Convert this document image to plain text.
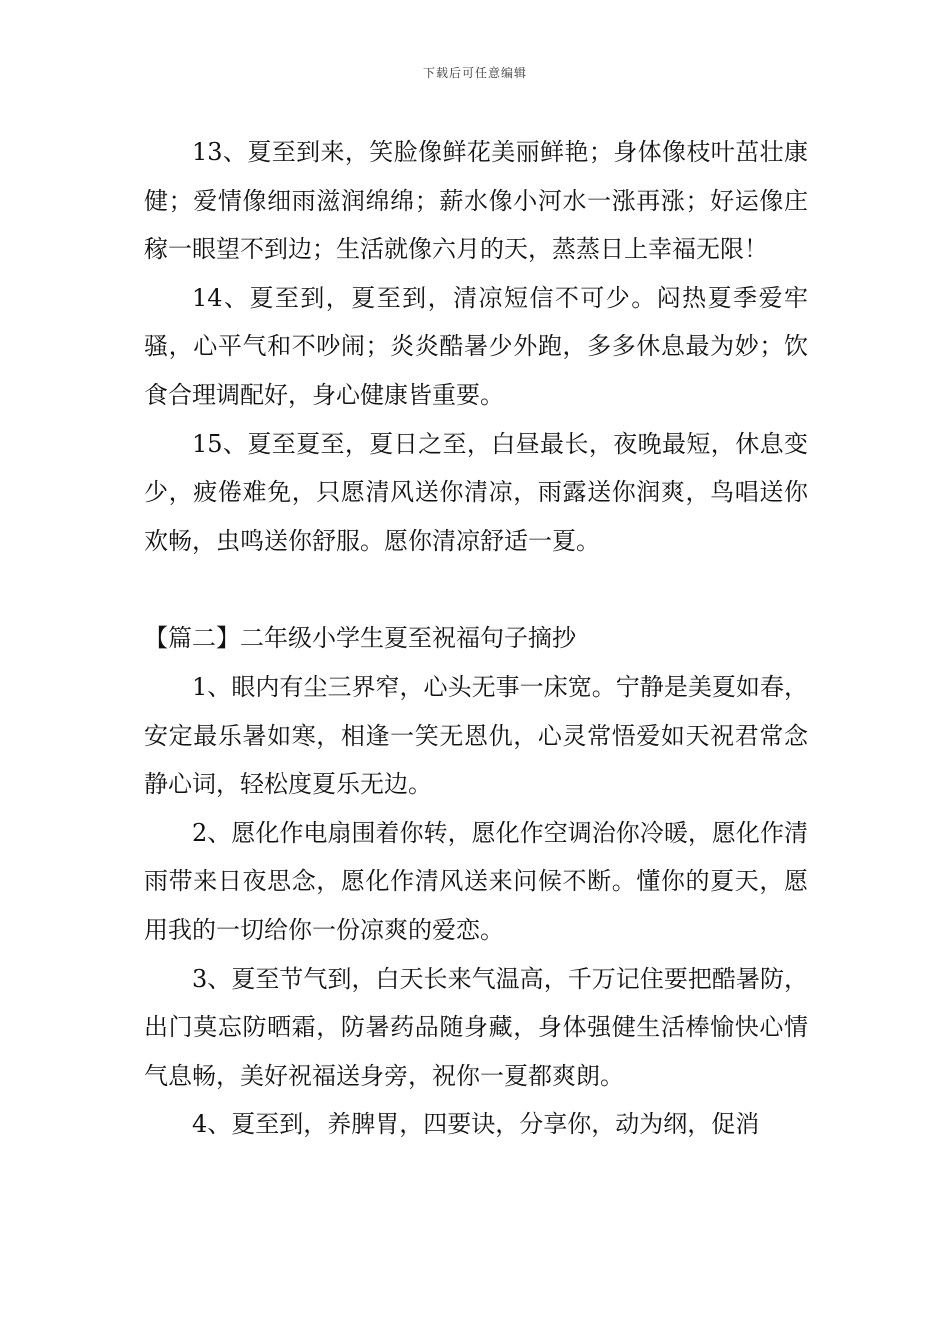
下载后可任意编辑

13、夏至到来，笑脸像鲜花美丽鲜艳；身体像枝叶茁壮康健；爱情像细雨滋润绵绵；薪水像小河水一涨再涨；好运像庄稼一眼望不到边；生活就像六月的天，蒸蒸日上幸福无限！

14、夏至到，夏至到，清凉短信不可少。闷热夏季爱牢骚，心平气和不吵闹；炎炎酷暑少外跑，多多休息最为妙；饮食合理调配好，身心健康皆重要。

15、夏至夏至，夏日之至，白昼最长，夜晚最短，休息变少，疲倦难免，只愿清风送你清凉，雨露送你润爽，鸟唱送你欢畅，虫鸣送你舒服。愿你清凉舒适一夏。

【篇二】二年级小学生夏至祝福句子摘抄

1、眼内有尘三界窄，心头无事一床宽。宁静是美夏如春，安定最乐暑如寒，相逢一笑无恩仇，心灵常悟爱如天祝君常念静心词，轻松度夏乐无边。

2、愿化作电扇围着你转，愿化作空调治你冷暖，愿化作清雨带来日夜思念，愿化作清风送来问候不断。懂你的夏天，愿用我的一切给你一份凉爽的爱恋。

3、夏至节气到，白天长来气温高，千万记住要把酷暑防，出门莫忘防晒霜，防暑药品随身藏，身体强健生活棒愉快心情气息畅，美好祝福送身旁，祝你一夏都爽朗。

4、夏至到，养脾胃，四要诀，分享你，动为纲，促消
